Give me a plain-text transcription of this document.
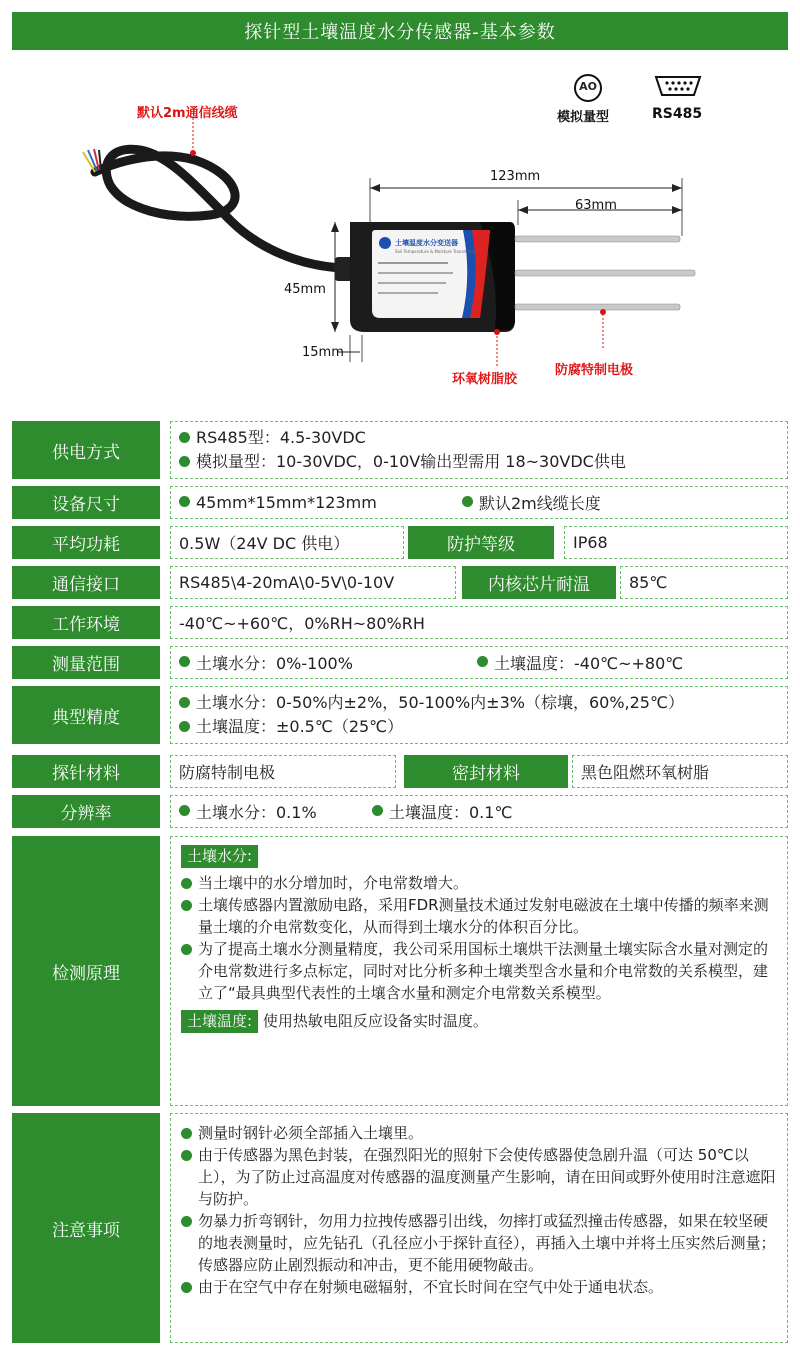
探针型土壤温度水分传感器-基本参数
默认2m通信线缆
AO
模拟量型	RS485
123mm
63mm
45mm
15mm
环氧树脂胶
防腐特制电极
土壤温度水分变送器
Soil Temperature & Moisture Transmitter
供电方式
RS485型：4.5-30VDC
模拟量型：10-30VDC，0-10V输出型需用 18~30VDC供电
设备尺寸	45mm*15mm*123mm	默认2m线缆长度
平均功耗	0.5W（24V DC 供电）	防护等级	IP68
通信接口	RS485\4-20mA\0-5V\0-10V	内核芯片耐温	85℃
工作环境	-40℃~+60℃，0%RH~80%RH
测量范围	土壤水分：0%-100%	土壤温度：-40℃~+80℃
典型精度
土壤水分：0-50%内±2%，50-100%内±3%（棕壤，60%,25℃）
土壤温度：±0.5℃（25℃）
探针材料	防腐特制电极	密封材料	黑色阻燃环氧树脂
分辨率	土壤水分：0.1%	土壤温度：0.1℃
检测原理
土壤水分:
当土壤中的水分增加时，介电常数增大。
土壤传感器内置激励电路，采用FDR测量技术通过发射电磁波在土壤中传播的频率来测量土壤的介电常数变化，从而得到土壤水分的体积百分比。
为了提高土壤水分测量精度，我公司采用国标土壤烘干法测量土壤实际含水量对测定的介电常数进行多点标定，同时对比分析多种土壤类型含水量和介电常数的关系模型，建立了“最具典型代表性的土壤含水量和测定介电常数关系模型。
土壤温度: 使用热敏电阻反应设备实时温度。
注意事项
测量时钢针必须全部插入土壤里。
由于传感器为黑色封装，在强烈阳光的照射下会使传感器使急剧升温（可达 50℃以上），为了防止过高温度对传感器的温度测量产生影响，请在田间或野外使用时注意遮阳与防护。
勿暴力折弯钢针，勿用力拉拽传感器引出线，勿摔打或猛烈撞击传感器，如果在较坚硬的地表测量时，应先钻孔（孔径应小于探针直径），再插入土壤中并将土压实然后测量；
传感器应防止剧烈振动和冲击，更不能用硬物敲击。
由于在空气中存在射频电磁辐射，不宜长时间在空气中处于通电状态。
